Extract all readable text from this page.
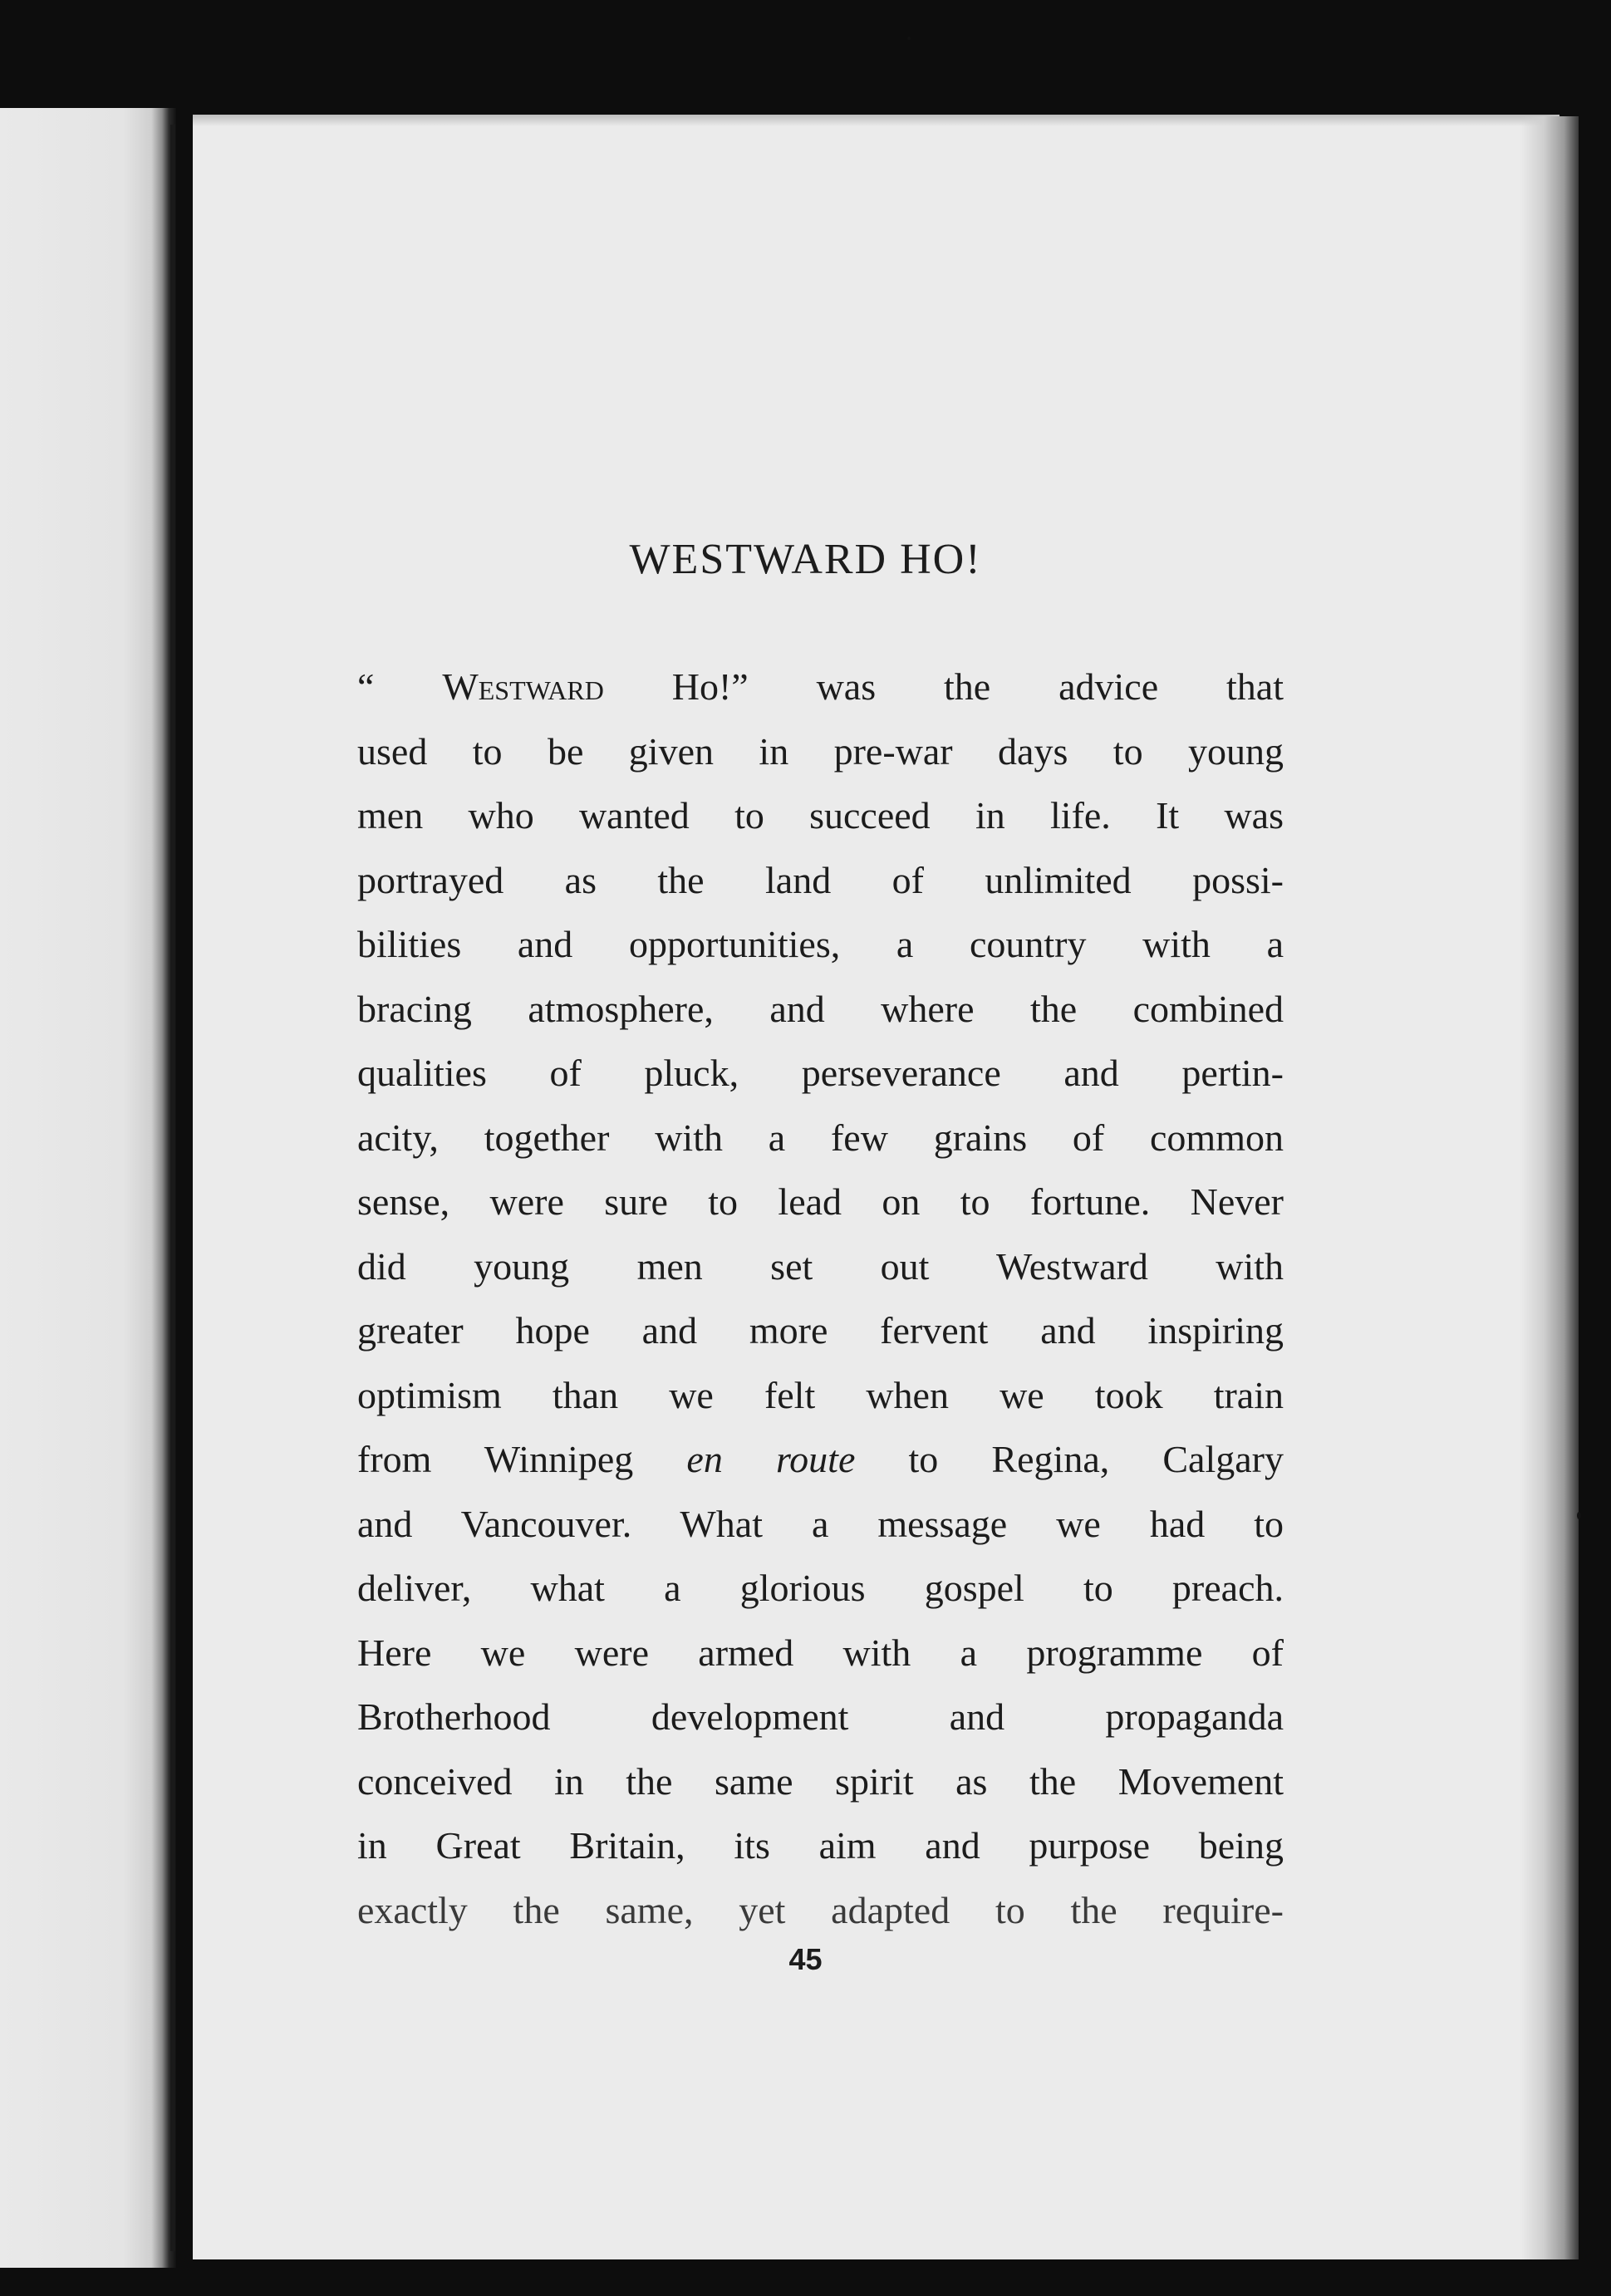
WESTWARD HO!
“ Westward Ho!” was the advice that
used to be given in pre-war days to young
men who wanted to succeed in life. It was
portrayed as the land of unlimited possi-
bilities and opportunities, a country with a
bracing atmosphere, and where the combined
qualities of pluck, perseverance and pertin-
acity, together with a few grains of common
sense, were sure to lead on to fortune. Never
did young men set out Westward with
greater hope and more fervent and inspiring
optimism than we felt when we took train
from Winnipeg en route to Regina, Calgary
and Vancouver. What a message we had to
deliver, what a glorious gospel to preach.
Here we were armed with a programme of
Brotherhood development and propaganda
conceived in the same spirit as the Movement
in Great Britain, its aim and purpose being
exactly the same, yet adapted to the require-
45
